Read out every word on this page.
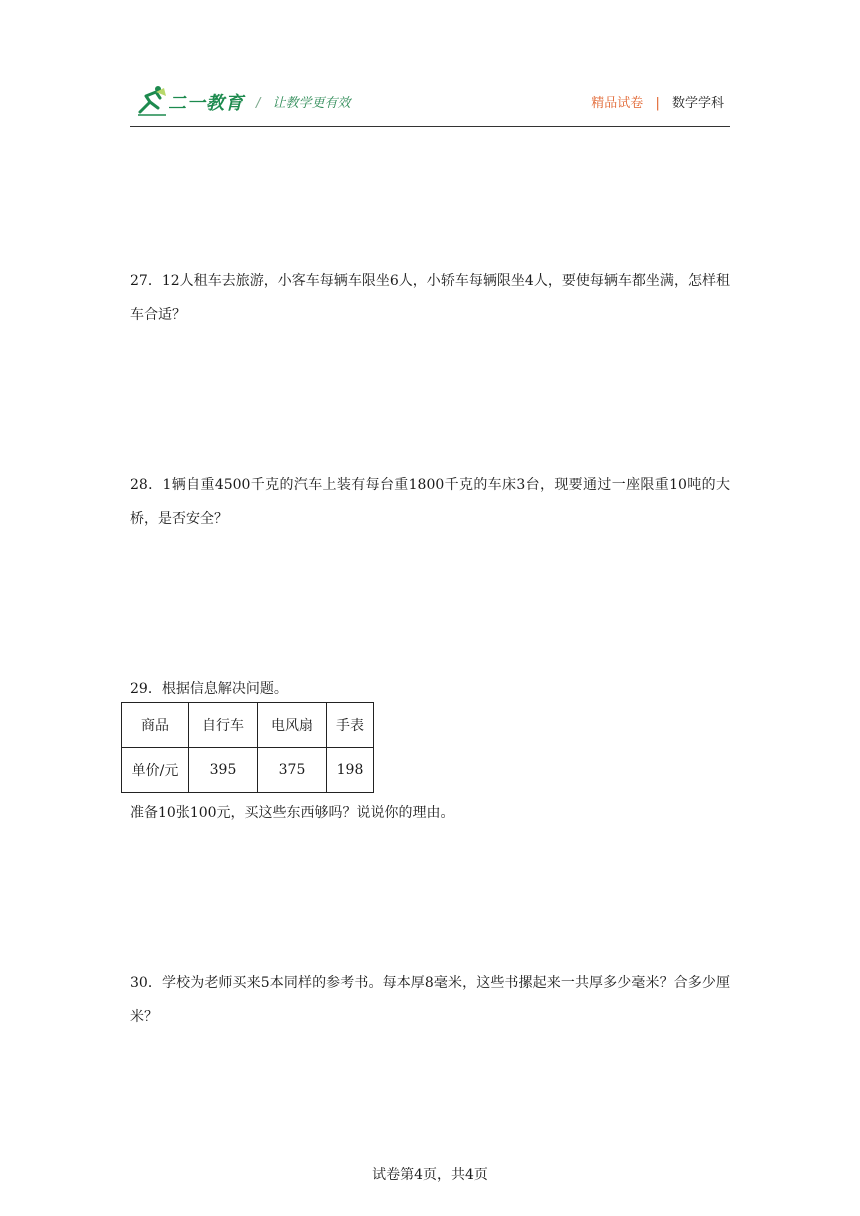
二一教育 / 让教学更有效	精品试卷 | 数学学科
27．12人租车去旅游，小客车每辆车限坐6人，小轿车每辆限坐4人，要使每辆车都坐满，怎样租车合适？
28．1辆自重4500千克的汽车上装有每台重1800千克的车床3台，现要通过一座限重10吨的大桥，是否安全？
29．根据信息解决问题。
商品	自行车	电风扇	手表
单价/元	395	375	198
准备10张100元，买这些东西够吗？说说你的理由。
30．学校为老师买来5本同样的参考书。每本厚8毫米，这些书摞起来一共厚多少毫米？合多少厘米？
试卷第4页，共4页
